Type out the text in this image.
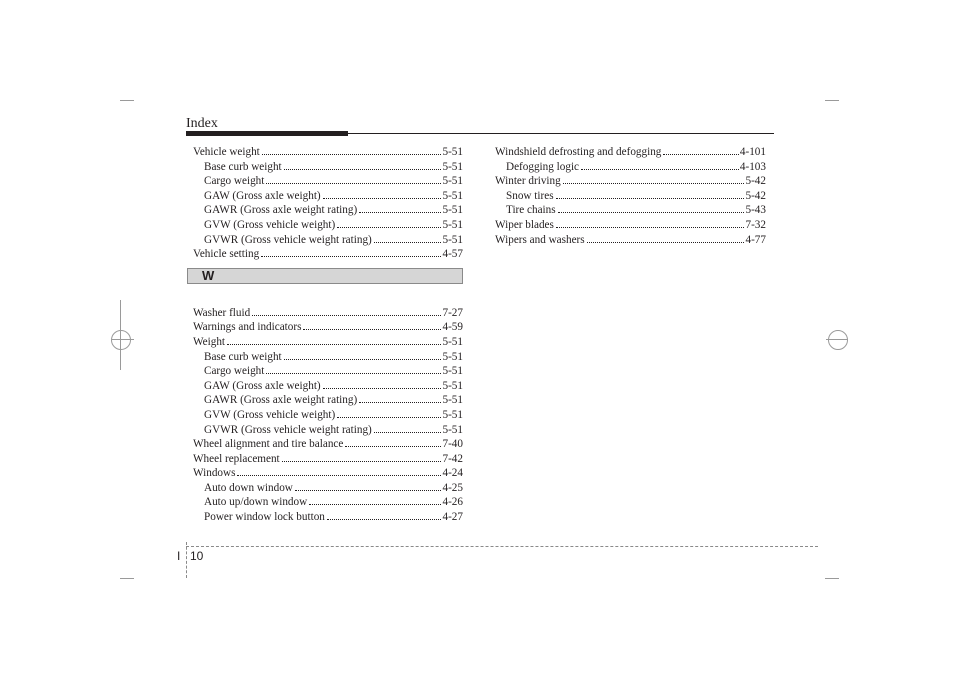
Index
Vehicle weight	5-51
Base curb weight	5-51
Cargo weight	5-51
GAW (Gross axle weight)	5-51
GAWR (Gross axle weight rating)	5-51
GVW (Gross vehicle weight)	5-51
GVWR (Gross vehicle weight rating)	5-51
Vehicle setting	4-57
W
Washer fluid	7-27
Warnings and indicators	4-59
Weight	5-51
Base curb weight	5-51
Cargo weight	5-51
GAW (Gross axle weight)	5-51
GAWR (Gross axle weight rating)	5-51
GVW (Gross vehicle weight)	5-51
GVWR (Gross vehicle weight rating)	5-51
Wheel alignment and tire balance	7-40
Wheel replacement	7-42
Windows	4-24
Auto down window	4-25
Auto up/down window	4-26
Power window lock button	4-27
Windshield defrosting and defogging	4-101
Defogging logic	4-103
Winter driving	5-42
Snow tires	5-42
Tire chains	5-43
Wiper blades	7-32
Wipers and washers	4-77
I 10
